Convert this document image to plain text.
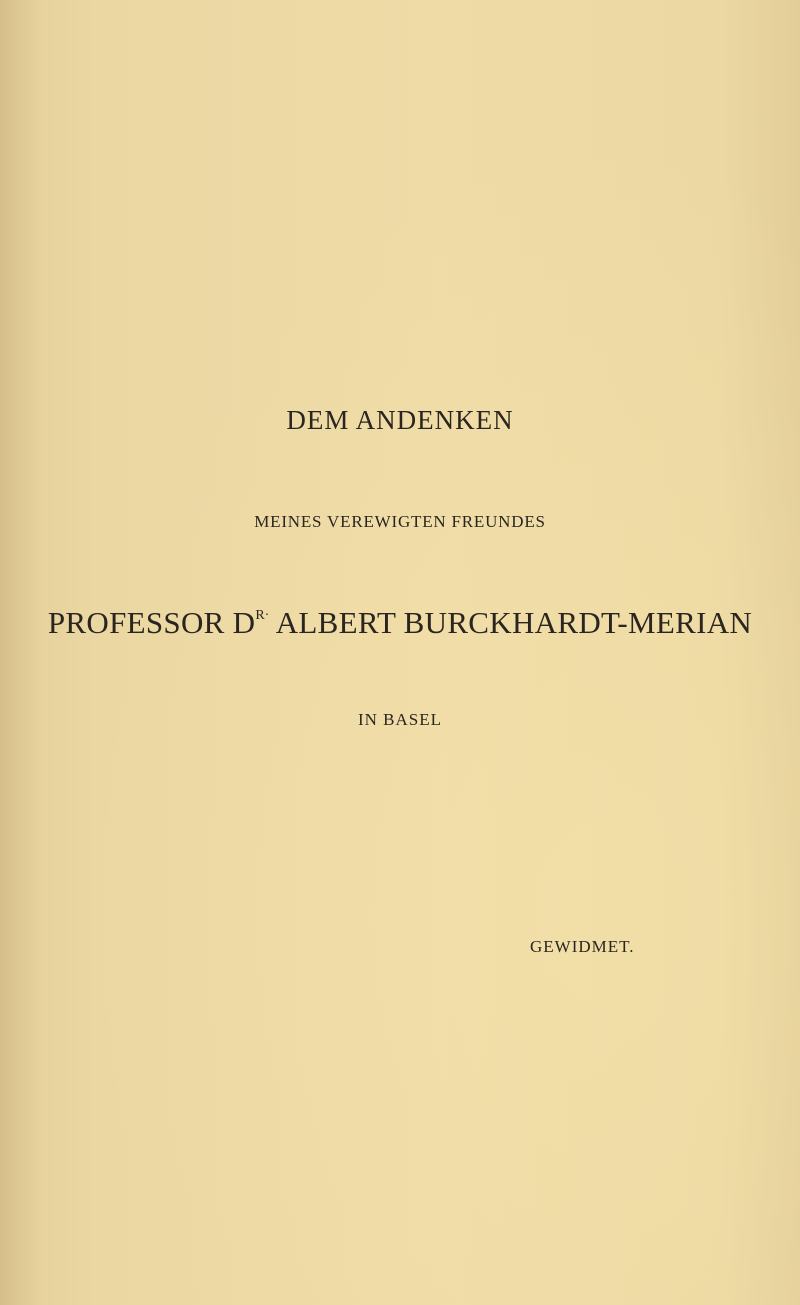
DEM ANDENKEN
MEINES VEREWIGTEN FREUNDES
PROFESSOR $D^{R\cdot}$ ALBERT BURCKHARDT-MERIAN
IN BASEL
GEWIDMET.
